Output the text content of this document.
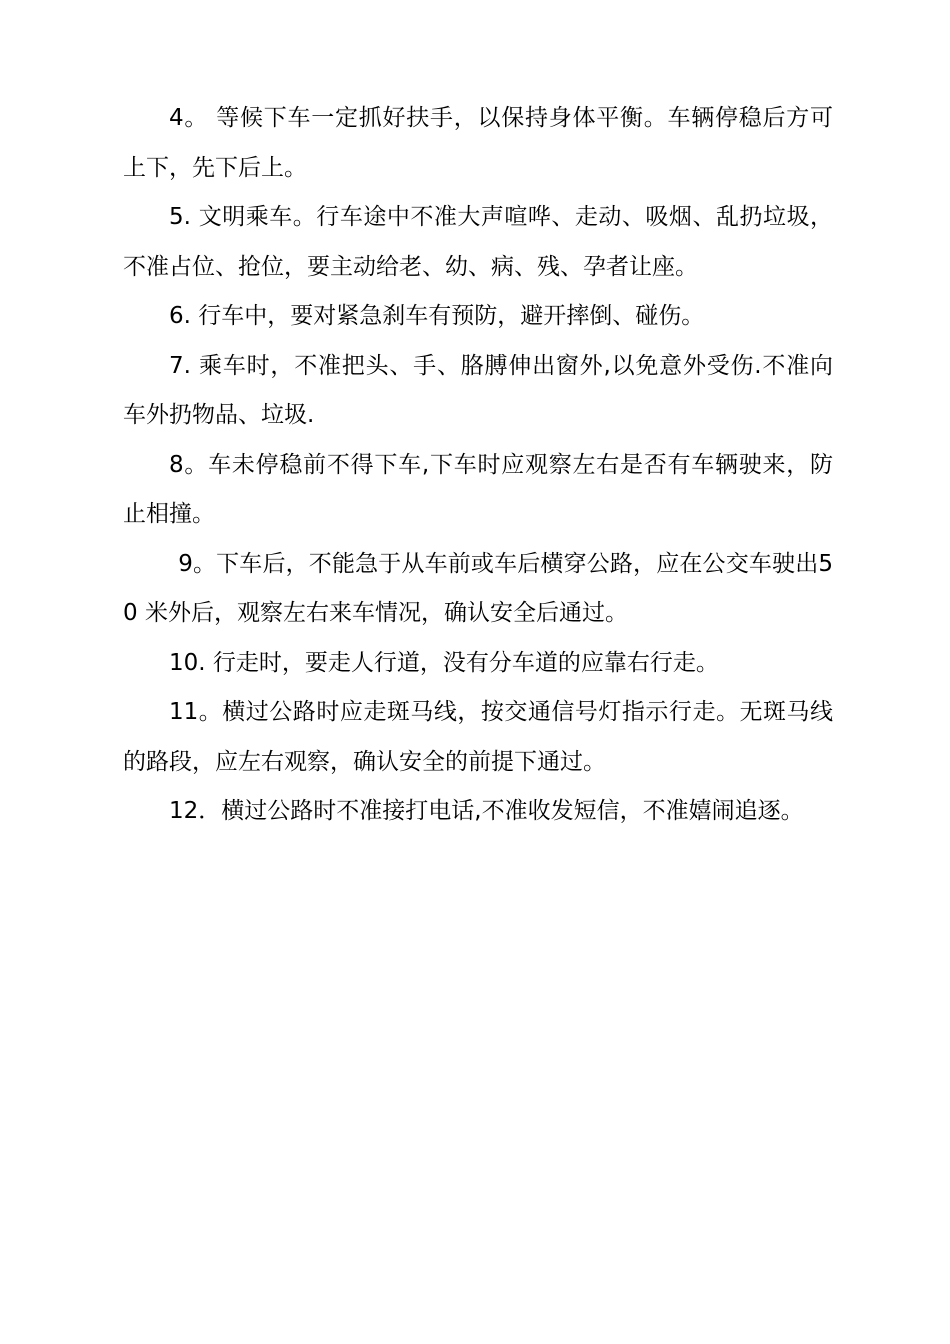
4。 等候下车一定抓好扶手，以保持身体平衡。车辆停稳后方可上下，先下后上。

5. 文明乘车。行车途中不准大声喧哗、走动、吸烟、乱扔垃圾，不准占位、抢位，要主动给老、幼、病、残、孕者让座。

6. 行车中，要对紧急刹车有预防，避开摔倒、碰伤。

7. 乘车时，不准把头、手、胳膊伸出窗外,以免意外受伤.不准向车外扔物品、垃圾.

8。车未停稳前不得下车,下车时应观察左右是否有车辆驶来，防止相撞。

9。下车后，不能急于从车前或车后横穿公路，应在公交车驶出50 米外后，观察左右来车情况，确认安全后通过。

10. 行走时，要走人行道，没有分车道的应靠右行走。

11。横过公路时应走斑马线，按交通信号灯指示行走。无斑马线的路段，应左右观察，确认安全的前提下通过。

12．横过公路时不准接打电话,不准收发短信，不准嬉闹追逐。
